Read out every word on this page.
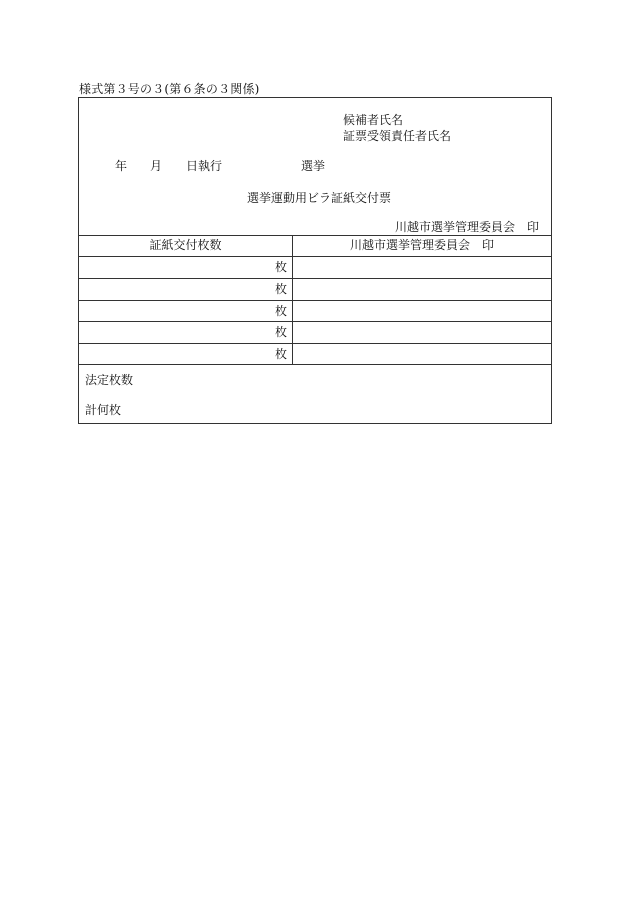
様式第３号の３(第６条の３関係)
候補者氏名
証票受領責任者氏名
年 月 日執行	選挙
選挙運動用ビラ証紙交付票
川越市選挙管理委員会　印
証紙交付枚数	川越市選挙管理委員会　印
枚
枚
枚
枚
枚
法定枚数
計何枚
